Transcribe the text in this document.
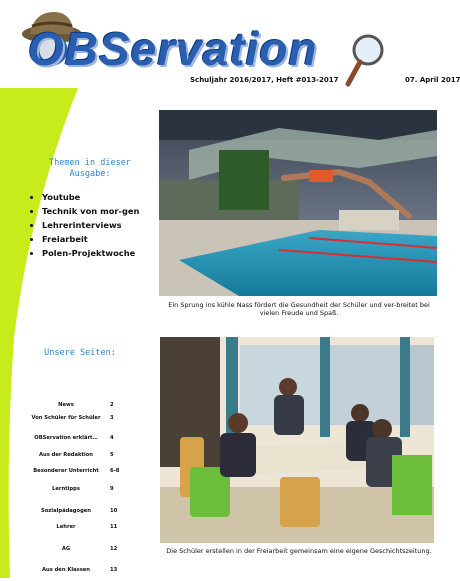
OBServation
Schuljahr 2016/2017, Heft #013-2017	07. April 2017
Themen in dieser Ausgabe:
• Youtube
• Technik von mor-gen
• Lehrerinterviews
• Freiarbeit
• Polen-Projektwoche
Unsere Seiten:
News	2
Von Schüler für Schüler	3
OBServation erklärt…	4
Aus der Redaktion	5
Besonderer Unterricht	6-8
Lerntipps	9
Sozialpädagogen	10
Lehrer	11
AG	12
Aus den Klassen	13
Ein Sprung ins kühle Nass fördert die Gesundheit der Schüler und ver-breitet bei vielen Freude und Spaß.
Die Schüler erstellen in der Freiarbeit gemeinsam eine eigene Geschichtszeitung.
